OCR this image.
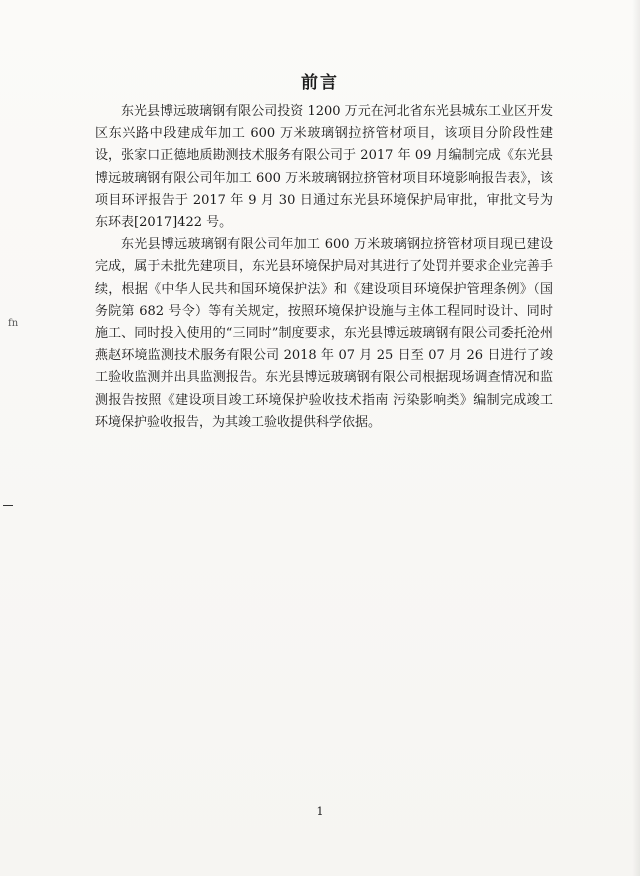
前言

东光县博远玻璃钢有限公司投资 1200 万元在河北省东光县城东工业区开发区东兴路中段建成年加工 600 万米玻璃钢拉挤管材项目，该项目分阶段性建设，张家口正德地质勘测技术服务有限公司于 2017 年 09 月编制完成《东光县博远玻璃钢有限公司年加工 600 万米玻璃钢拉挤管材项目环境影响报告表》，该项目环评报告于 2017 年 9 月 30 日通过东光县环境保护局审批，审批文号为东环表[2017]422 号。

东光县博远玻璃钢有限公司年加工 600 万米玻璃钢拉挤管材项目现已建设完成，属于未批先建项目，东光县环境保护局对其进行了处罚并要求企业完善手续，根据《中华人民共和国环境保护法》和《建设项目环境保护管理条例》（国务院第 682 号令）等有关规定，按照环境保护设施与主体工程同时设计、同时施工、同时投入使用的“三同时”制度要求，东光县博远玻璃钢有限公司委托沧州燕赵环境监测技术服务有限公司 2018 年 07 月 25 日至 07 月 26 日进行了竣工验收监测并出具监测报告。东光县博远玻璃钢有限公司根据现场调查情况和监测报告按照《建设项目竣工环境保护验收技术指南 污染影响类》编制完成竣工环境保护验收报告，为其竣工验收提供科学依据。

fn
1
